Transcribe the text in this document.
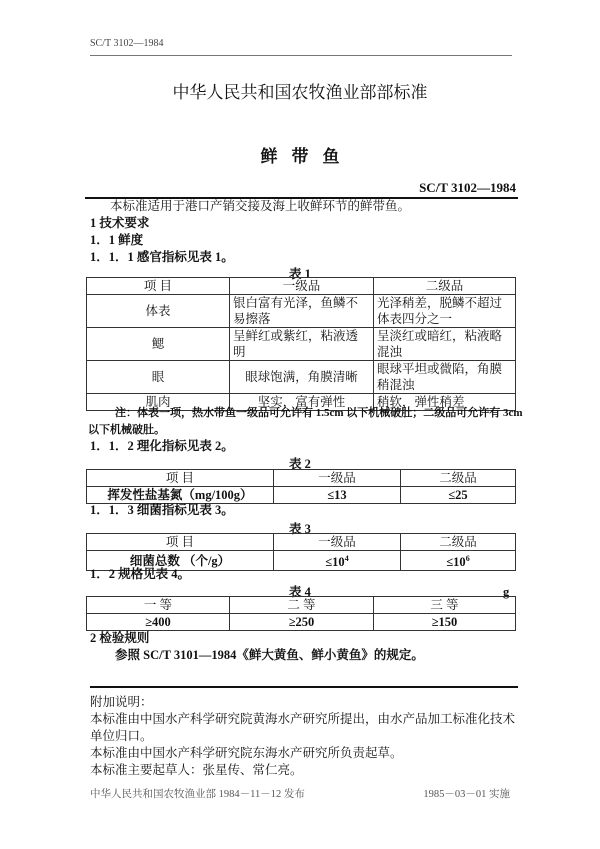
SC/T 3102—1984
中华人民共和国农牧渔业部部标准
鲜带鱼
SC/T 3102—1984
本标准适用于港口产销交接及海上收鲜环节的鲜带鱼。
1 技术要求
1．1 鲜度
1．1．1 感官指标见表 1。
表 1
项 目	一级品	二级品
体表	银白富有光泽，鱼鳞不易擦落	光泽稍差，脱鳞不超过体表四分之一
鳃	呈鲜红或紫红，粘液透明	呈淡红或暗红，粘液略混浊
眼	眼球饱满，角膜清晰	眼球平坦或微陷，角膜稍混浊
肌肉	坚实，富有弹性	稍软，弹性稍差
注：体表一项，热水带鱼一级品可允许有 1.5cm 以下机械破肚；二级品可允许有 3cm
以下机械破肚。
1．1．2 理化指标见表 2。
表 2
项 目	一级品	二级品
挥发性盐基氮（mg/100g）	≤13	≤25
1．1．3 细菌指标见表 3。
表 3
项 目	一级品	二级品
细菌总数 （个/g）	$\le 10^4$	$\le 10^6$
1．2 规格见表 4。
表 4	g
一 等	二 等	三 等
≥400	≥250	≥150
2 检验规则
参照 SC/T 3101—1984《鲜大黄鱼、鲜小黄鱼》的规定。
附加说明：
本标准由中国水产科学研究院黄海水产研究所提出，由水产品加工标准化技术
单位归口。
本标准由中国水产科学研究院东海水产研究所负责起草。
本标准主要起草人：张星传、常仁亮。
中华人民共和国农牧渔业部 1984－11－12 发布	1985－03－01 实施
